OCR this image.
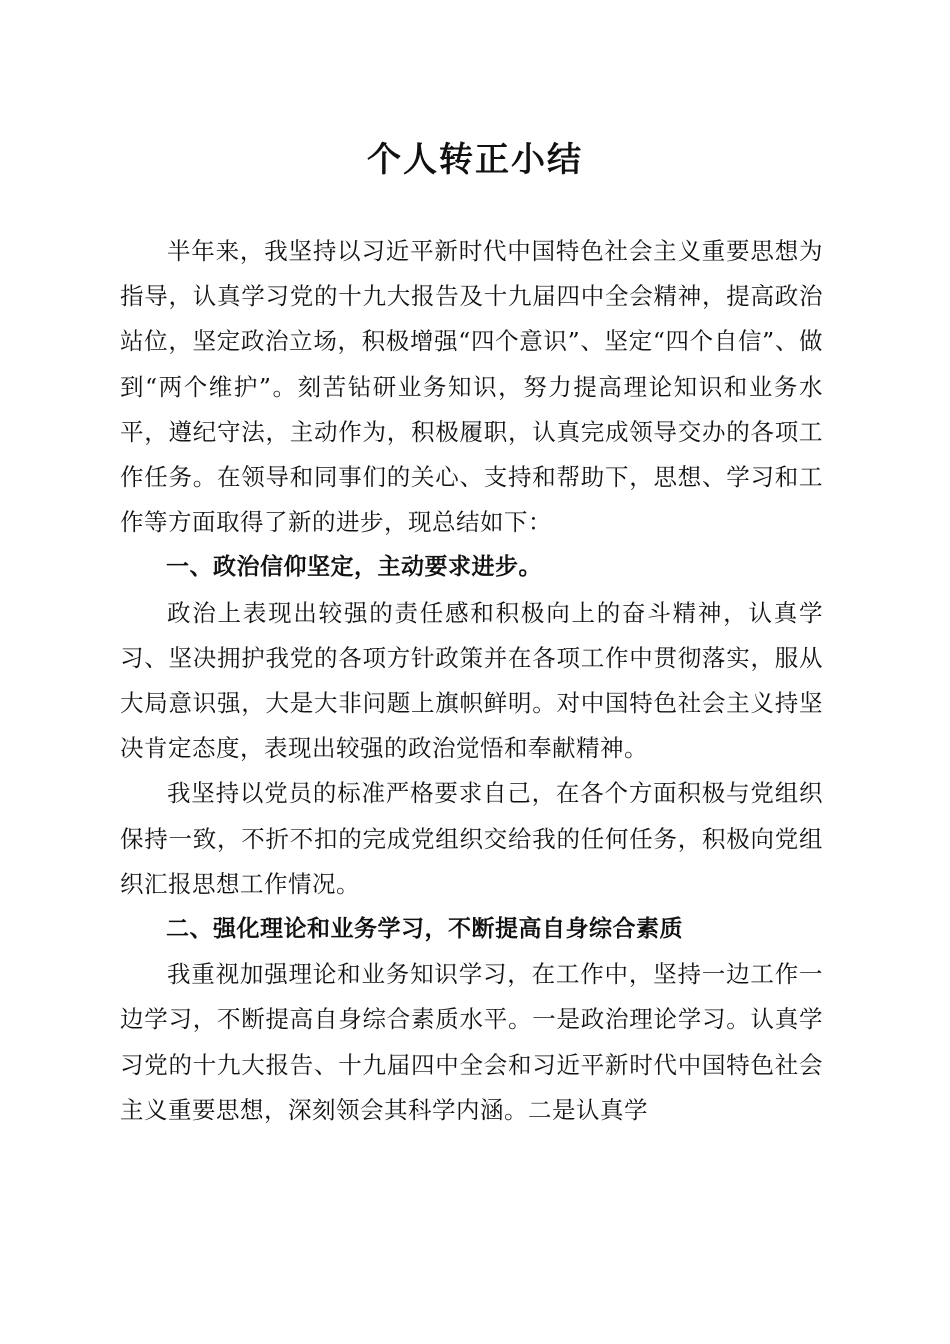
个人转正小结

半年来，我坚持以习近平新时代中国特色社会主义重要思想为指导，认真学习党的十九大报告及十九届四中全会精神，提高政治站位，坚定政治立场，积极增强“四个意识”、坚定“四个自信”、做到“两个维护”。刻苦钻研业务知识，努力提高理论知识和业务水平，遵纪守法，主动作为，积极履职，认真完成领导交办的各项工作任务。在领导和同事们的关心、支持和帮助下，思想、学习和工作等方面取得了新的进步，现总结如下：

一、政治信仰坚定，主动要求进步。

政治上表现出较强的责任感和积极向上的奋斗精神，认真学习、坚决拥护我党的各项方针政策并在各项工作中贯彻落实，服从大局意识强，大是大非问题上旗帜鲜明。对中国特色社会主义持坚决肯定态度，表现出较强的政治觉悟和奉献精神。

我坚持以党员的标准严格要求自己，在各个方面积极与党组织保持一致，不折不扣的完成党组织交给我的任何任务，积极向党组织汇报思想工作情况。

二、强化理论和业务学习，不断提高自身综合素质

我重视加强理论和业务知识学习，在工作中，坚持一边工作一边学习，不断提高自身综合素质水平。一是政治理论学习。认真学习党的十九大报告、十九届四中全会和习近平新时代中国特色社会主义重要思想，深刻领会其科学内涵。二是认真学
